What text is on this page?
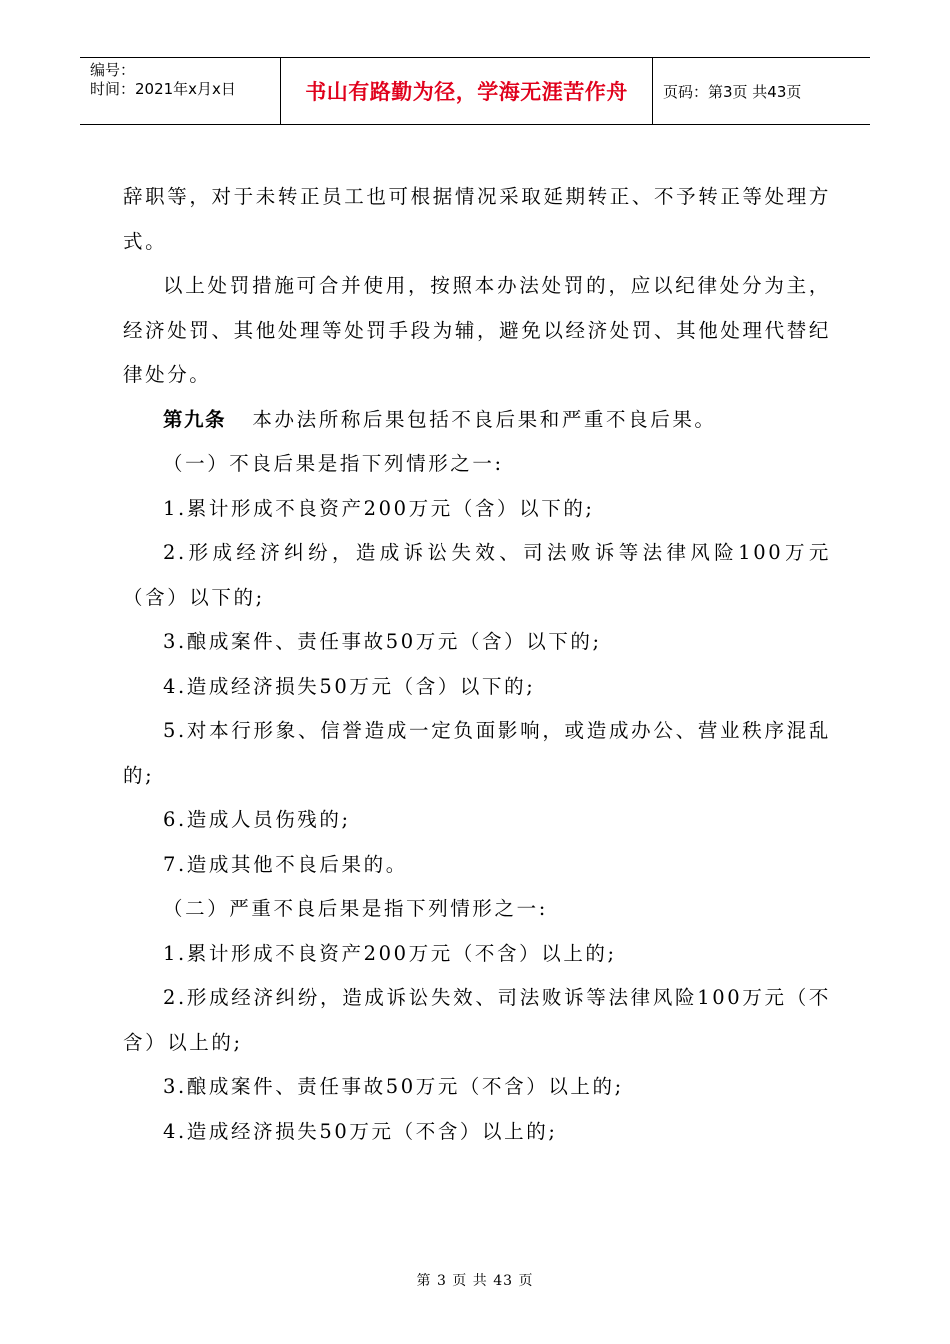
编号：
时间：2021年x月x日	书山有路勤为径，学海无涯苦作舟	页码：第3页 共43页

辞职等，对于未转正员工也可根据情况采取延期转正、不予转正等处理方式。

以上处罚措施可合并使用，按照本办法处罚的，应以纪律处分为主，经济处罚、其他处理等处罚手段为辅，避免以经济处罚、其他处理代替纪律处分。

第九条 本办法所称后果包括不良后果和严重不良后果。

（一）不良后果是指下列情形之一:

1.累计形成不良资产200万元（含）以下的;

2.形成经济纠纷，造成诉讼失效、司法败诉等法律风险100万元（含）以下的;

3.酿成案件、责任事故50万元（含）以下的;

4.造成经济损失50万元（含）以下的;

5.对本行形象、信誉造成一定负面影响，或造成办公、营业秩序混乱的;

6.造成人员伤残的;

7.造成其他不良后果的。

（二）严重不良后果是指下列情形之一:

1.累计形成不良资产200万元（不含）以上的;

2.形成经济纠纷，造成诉讼失效、司法败诉等法律风险100万元（不含）以上的;

3.酿成案件、责任事故50万元（不含）以上的;

4.造成经济损失50万元（不含）以上的;

第 3 页 共 43 页
